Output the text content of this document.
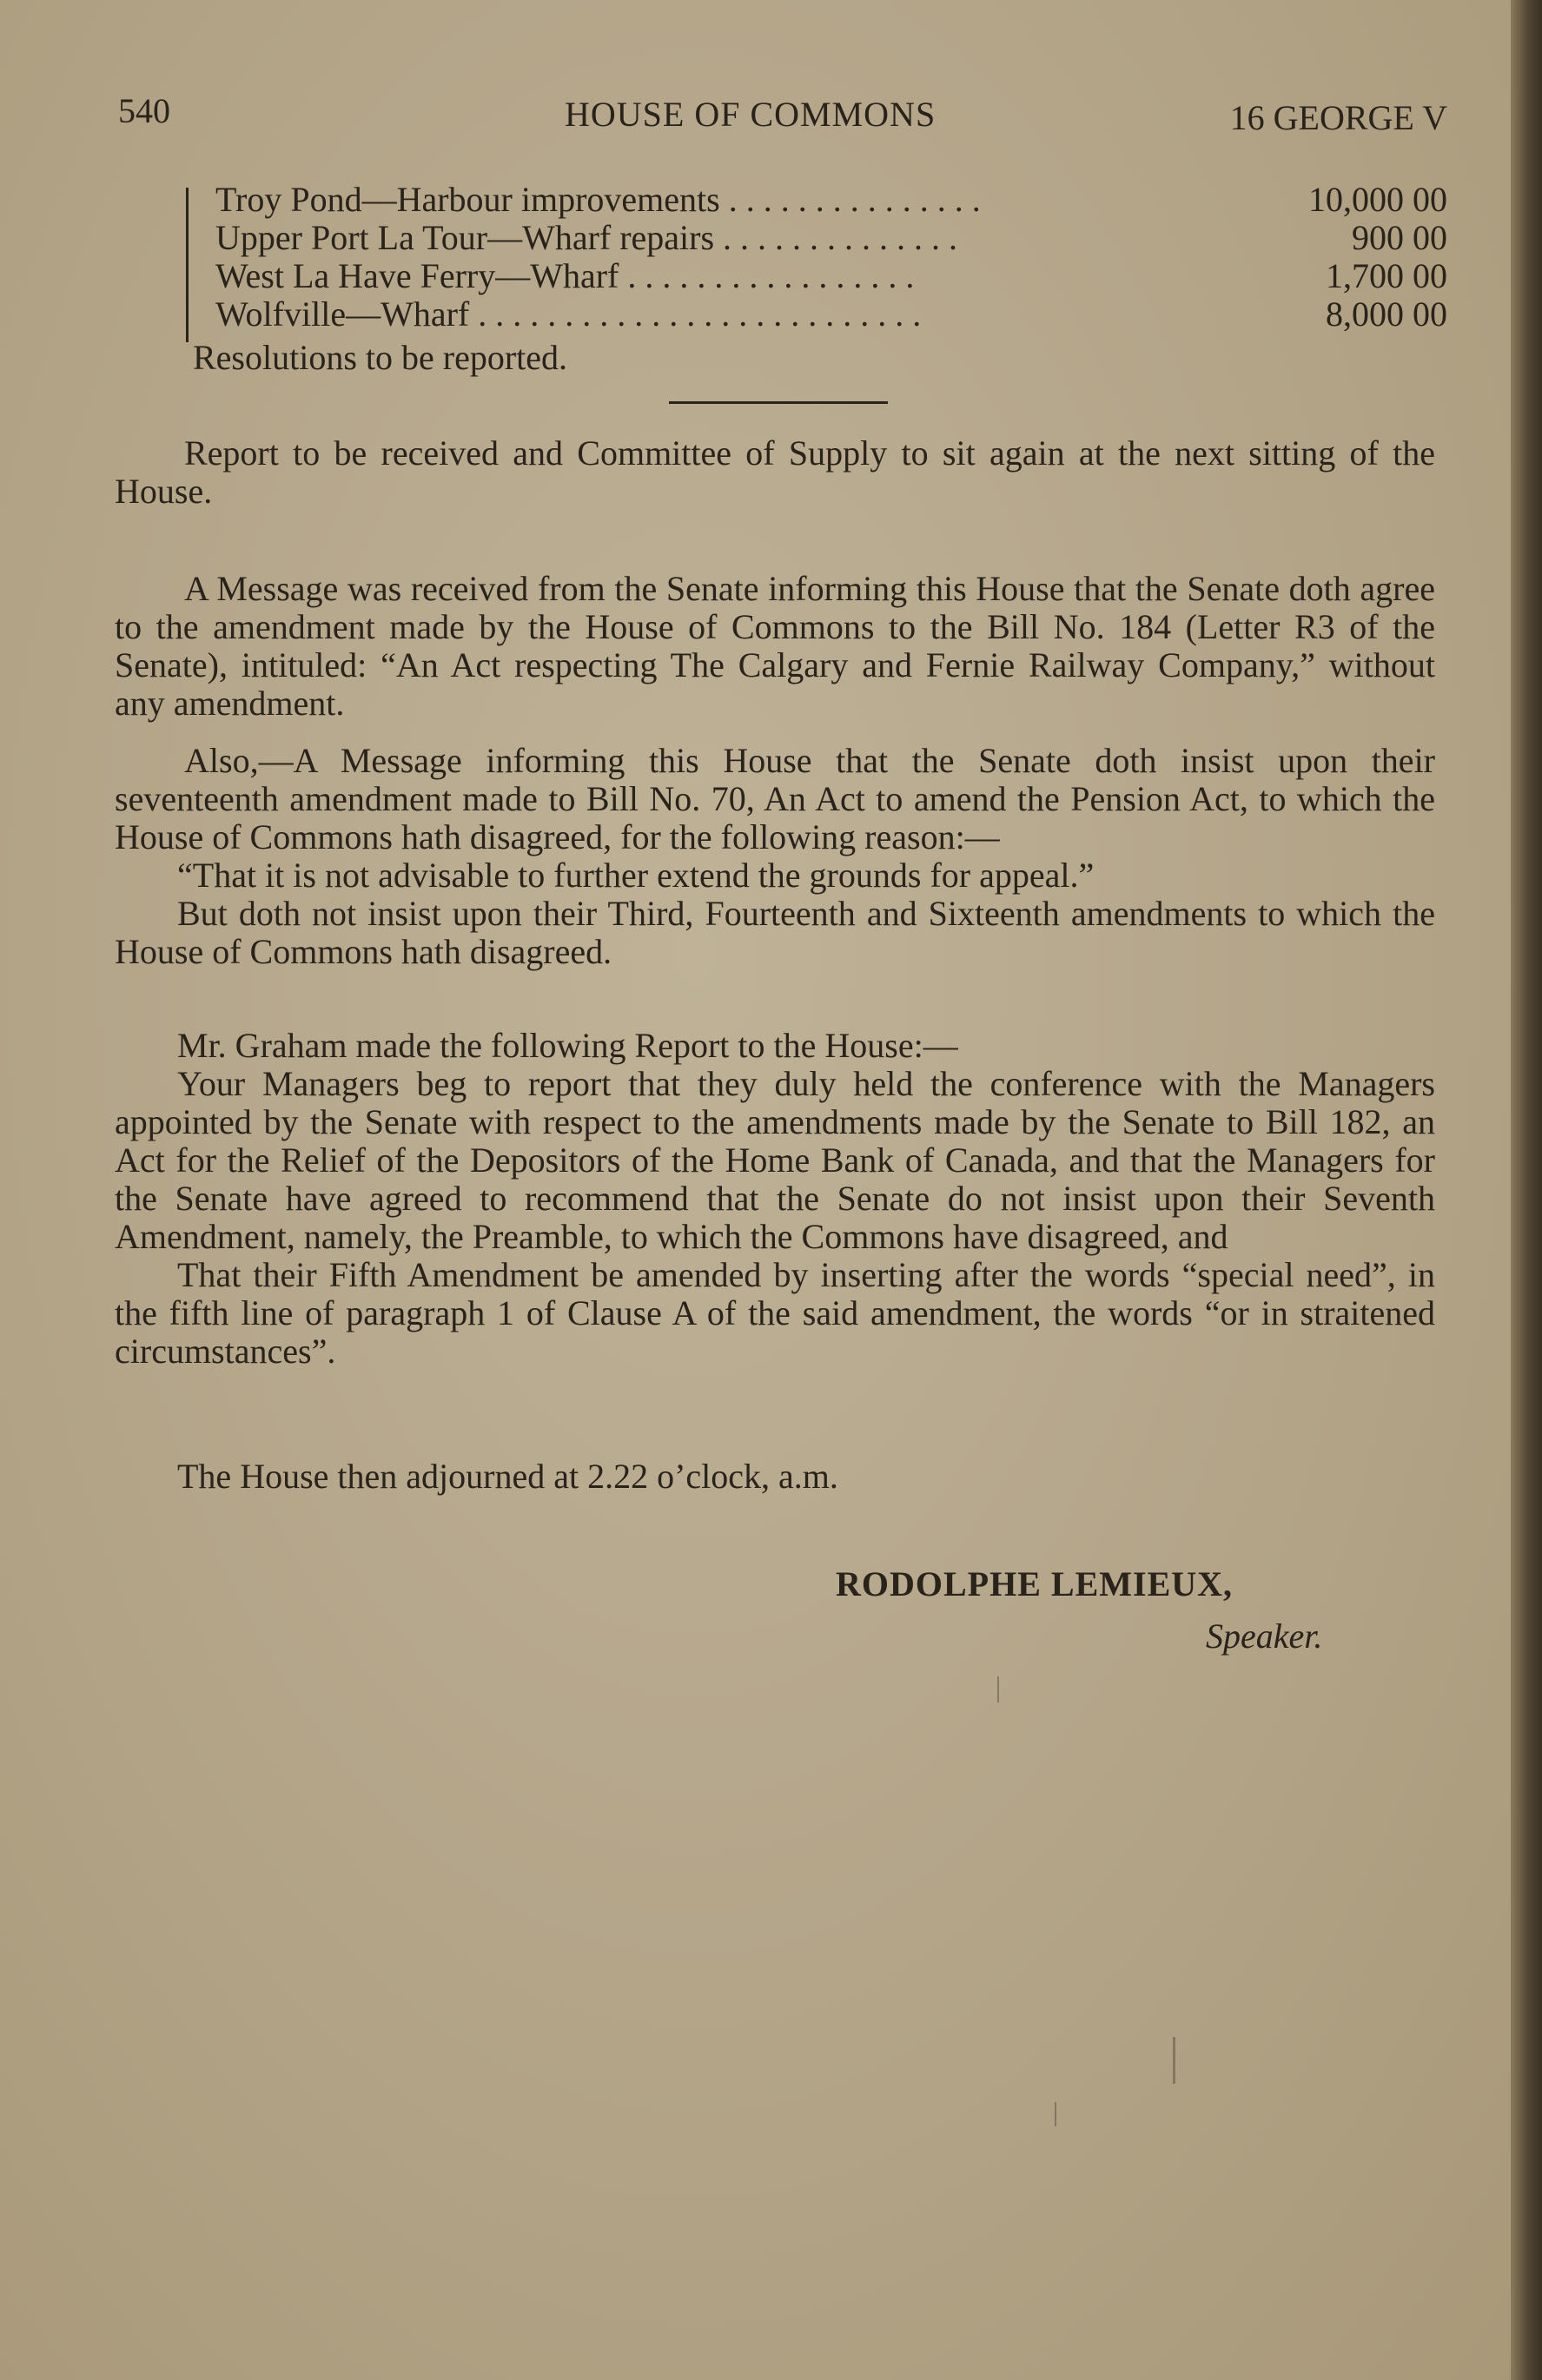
540	HOUSE OF COMMONS	16 GEORGE V
Troy Pond—Harbour improvements . . . . . . . . . . . . . . .	10,000 00
Upper Port La Tour—Wharf repairs . . . . . . . . . . . . . .	900 00
West La Have Ferry—Wharf . . . . . . . . . . . . . . . . .	1,700 00
Wolfville—Wharf . . . . . . . . . . . . . . . . . . . . . . . . . .	8,000 00
Resolutions to be reported.

Report to be received and Committee of Supply to sit again at the next sitting of the House.

A Message was received from the Senate informing this House that the Senate doth agree to the amendment made by the House of Commons to the Bill No. 184 (Letter R3 of the Senate), intituled: “An Act respecting The Calgary and Fernie Railway Company,” without any amendment.

Also,—A Message informing this House that the Senate doth insist upon their seventeenth amendment made to Bill No. 70, An Act to amend the Pension Act, to which the House of Commons hath disagreed, for the following reason:—

“That it is not advisable to further extend the grounds for appeal.”

But doth not insist upon their Third, Fourteenth and Sixteenth amendments to which the House of Commons hath disagreed.

Mr. Graham made the following Report to the House:—

Your Managers beg to report that they duly held the conference with the Managers appointed by the Senate with respect to the amendments made by the Senate to Bill 182, an Act for the Relief of the Depositors of the Home Bank of Canada, and that the Managers for the Senate have agreed to recommend that the Senate do not insist upon their Seventh Amendment, namely, the Preamble, to which the Commons have disagreed, and

That their Fifth Amendment be amended by inserting after the words “special need”, in the fifth line of paragraph 1 of Clause A of the said amendment, the words “or in straitened circumstances”.

The House then adjourned at 2.22 o’clock, a.m.

RODOLPHE LEMIEUX,
Speaker.
